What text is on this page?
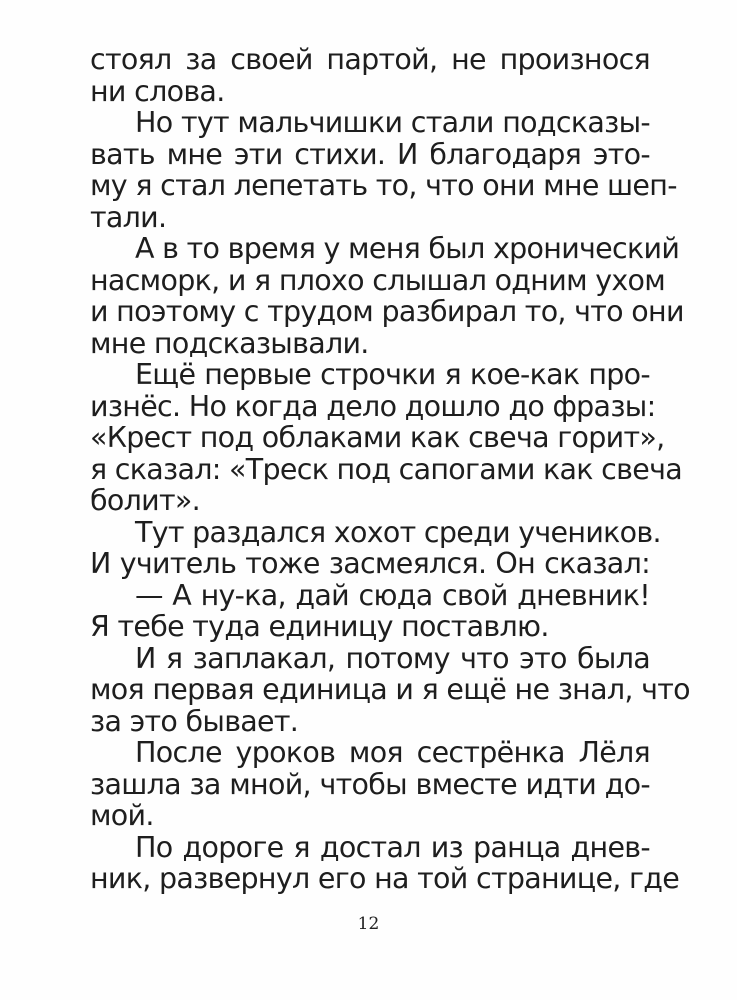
стоял за своей партой, не произнося
ни слова.
Но тут мальчишки стали подсказы-
вать мне эти стихи. И благодаря это-
му я стал лепетать то, что они мне шеп-
тали.
А в то время у меня был хронический
насморк, и я плохо слышал одним ухом
и поэтому с трудом разбирал то, что они
мне подсказывали.
Ещё первые строчки я кое-как про-
изнёс. Но когда дело дошло до фразы:
«Крест под облаками как свеча горит»,
я сказал: «Треск под сапогами как свеча
болит».
Тут раздался хохот среди учеников.
И учитель тоже засмеялся. Он сказал:
— А ну-ка, дай сюда свой дневник!
Я тебе туда единицу поставлю.
И я заплакал, потому что это была
моя первая единица и я ещё не знал, что
за это бывает.
После уроков моя сестрёнка Лёля
зашла за мной, чтобы вместе идти до-
мой.
По дороге я достал из ранца днев-
ник, развернул его на той странице, где
12
